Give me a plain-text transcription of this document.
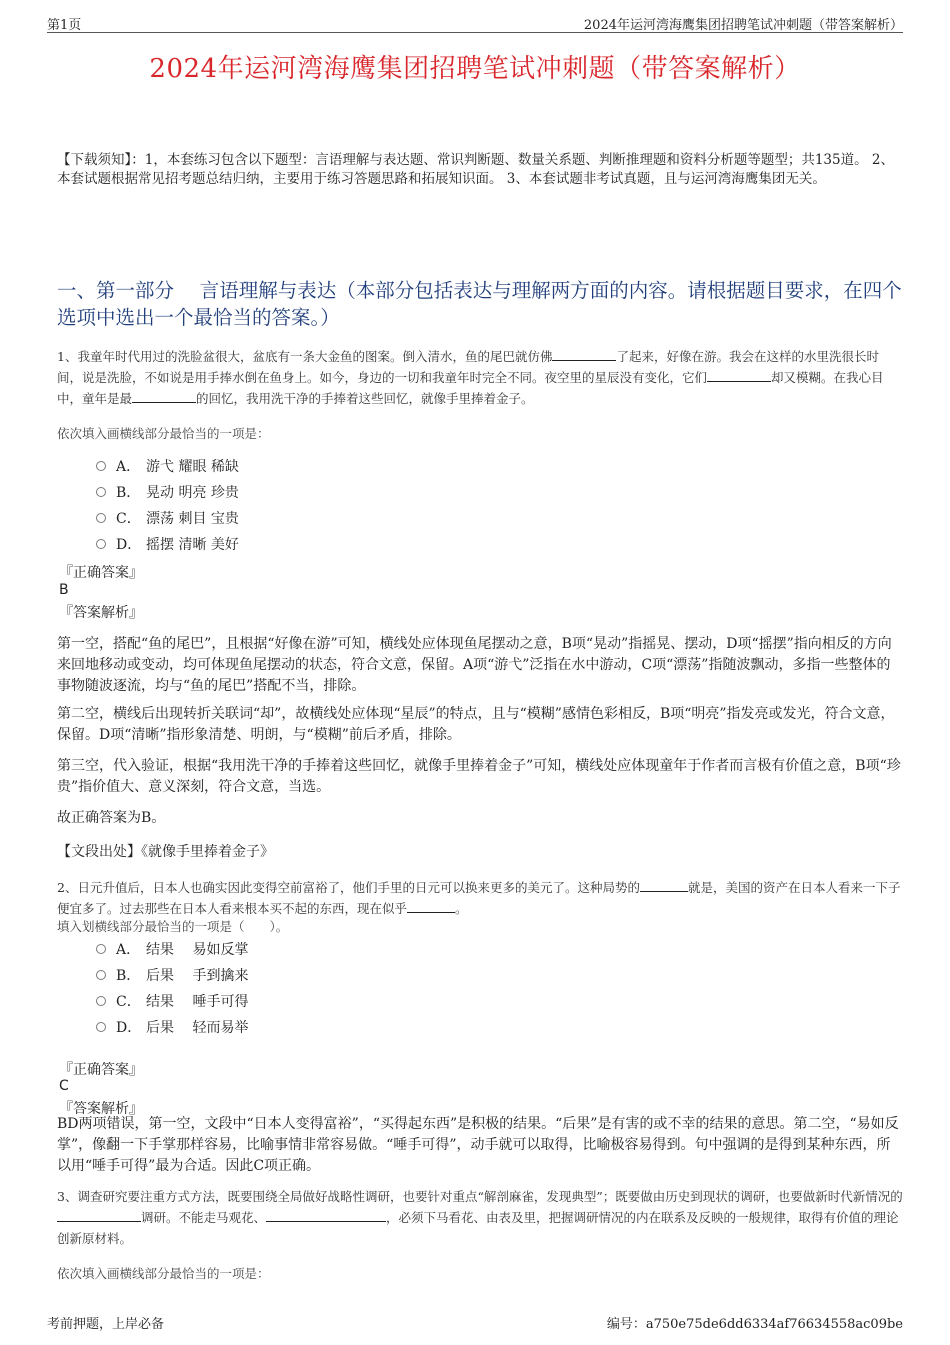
第1页	2024年运河湾海鹰集团招聘笔试冲刺题（带答案解析）
2024年运河湾海鹰集团招聘笔试冲刺题（带答案解析）
【下载须知】：1，本套练习包含以下题型：言语理解与表达题、常识判断题、数量关系题、判断推理题和资料分析题等题型；共135道。 2、本套试题根据常见招考题总结归纳，主要用于练习答题思路和拓展知识面。 3、本套试题非考试真题，且与运河湾海鹰集团无关。
一、第一部分　 言语理解与表达（本部分包括表达与理解两方面的内容。请根据题目要求，在四个选项中选出一个最恰当的答案。）
1、我童年时代用过的洗脸盆很大，盆底有一条大金鱼的图案。倒入清水，鱼的尾巴就仿佛	了起来，好像在游。我会在这样的水里洗很长时间，说是洗脸，不如说是用手捧水倒在鱼身上。如今，身边的一切和我童年时完全不同。夜空里的星辰没有变化，它们	却又模糊。在我心目中，童年是最	的回忆，我用洗干净的手捧着这些回忆，就像手里捧着金子。
依次填入画横线部分最恰当的一项是：
A． 游弋 耀眼 稀缺
B． 晃动 明亮 珍贵
C． 漂荡 刺目 宝贵
D． 摇摆 清晰 美好
『正确答案』
B
『答案解析』
第一空，搭配“鱼的尾巴”，且根据“好像在游”可知，横线处应体现鱼尾摆动之意，B项“晃动”指摇晃、摆动，D项“摇摆”指向相反的方向来回地移动或变动，均可体现鱼尾摆动的状态，符合文意，保留。A项“游弋”泛指在水中游动，C项“漂荡”指随波飘动，多指一些整体的事物随波逐流，均与“鱼的尾巴”搭配不当，排除。
第二空，横线后出现转折关联词“却”，故横线处应体现“星辰”的特点，且与“模糊”感情色彩相反，B项“明亮”指发亮或发光，符合文意，保留。D项“清晰”指形象清楚、明朗，与“模糊”前后矛盾，排除。
第三空，代入验证，根据“我用洗干净的手捧着这些回忆，就像手里捧着金子”可知，横线处应体现童年于作者而言极有价值之意，B项“珍贵”指价值大、意义深刻，符合文意，当选。
故正确答案为B。
【文段出处】《就像手里捧着金子》
2、日元升值后，日本人也确实因此变得空前富裕了，他们手里的日元可以换来更多的美元了。这种局势的	就是，美国的资产在日本人看来一下子便宜多了。过去那些在日本人看来根本买不起的东西，现在似乎	。
填入划横线部分最恰当的一项是（　　）。
A． 结果　 易如反掌
B． 后果　 手到擒来
C． 结果　 唾手可得
D． 后果　 轻而易举
『正确答案』
C
『答案解析』
BD两项错误，第一空，文段中“日本人变得富裕”，“买得起东西”是积极的结果。“后果”是有害的或不幸的结果的意思。第二空，“易如反掌”，像翻一下手掌那样容易，比喻事情非常容易做。“唾手可得”，动手就可以取得，比喻极容易得到。句中强调的是得到某种东西，所以用“唾手可得”最为合适。因此C项正确。
3、调查研究要注重方式方法，既要围绕全局做好战略性调研，也要针对重点“解剖麻雀，发现典型”；既要做由历史到现状的调研，也要做新时代新情况的调研。不能走马观花、	，必须下马看花、由表及里，把握调研情况的内在联系及反映的一般规律，取得有价值的理论创新原材料。
依次填入画横线部分最恰当的一项是：
考前押题，上岸必备	编号：a750e75de6dd6334af76634558ac09be
